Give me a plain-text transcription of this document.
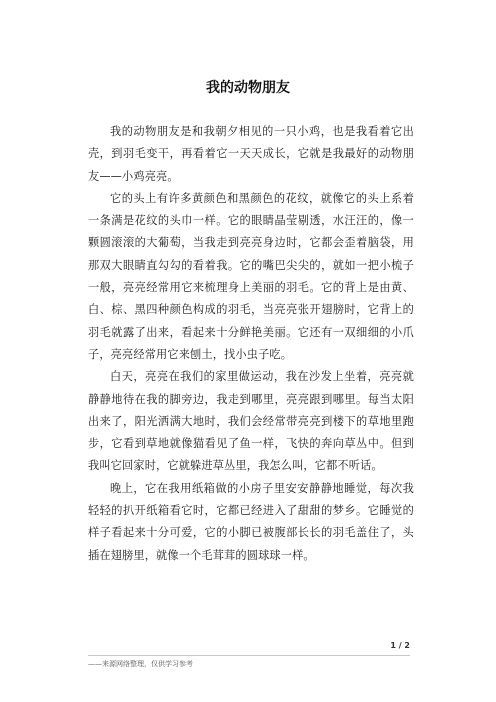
我的动物朋友

我的动物朋友是和我朝夕相见的一只小鸡，也是我看着它出壳，到羽毛变干，再看着它一天天成长，它就是我最好的动物朋友——小鸡亮亮。

它的头上有许多黄颜色和黑颜色的花纹，就像它的头上系着一条满是花纹的头巾一样。它的眼睛晶莹剔透，水汪汪的，像一颗圆滚滚的大葡萄，当我走到亮亮身边时，它都会歪着脑袋，用那双大眼睛直勾勾的看着我。它的嘴巴尖尖的，就如一把小梳子一般，亮亮经常用它来梳理身上美丽的羽毛。它的背上是由黄、白、棕、黑四种颜色构成的羽毛，当亮亮张开翅膀时，它背上的羽毛就露了出来，看起来十分鲜艳美丽。它还有一双细细的小爪子，亮亮经常用它来刨土，找小虫子吃。

白天，亮亮在我们的家里做运动，我在沙发上坐着，亮亮就静静地待在我的脚旁边，我走到哪里，亮亮跟到哪里。每当太阳出来了，阳光洒满大地时，我们会经常带亮亮到楼下的草地里跑步，它看到草地就像猫看见了鱼一样，飞快的奔向草丛中。但到我叫它回家时，它就躲进草丛里，我怎么叫，它都不听话。

晚上，它在我用纸箱做的小房子里安安静静地睡觉，每次我轻轻的扒开纸箱看它时，它都已经进入了甜甜的梦乡。它睡觉的样子看起来十分可爱，它的小脚已被腹部长长的羽毛盖住了，头插在翅膀里，就像一个毛茸茸的圆球球一样。

1 / 2
——来源网络整理，仅供学习参考
